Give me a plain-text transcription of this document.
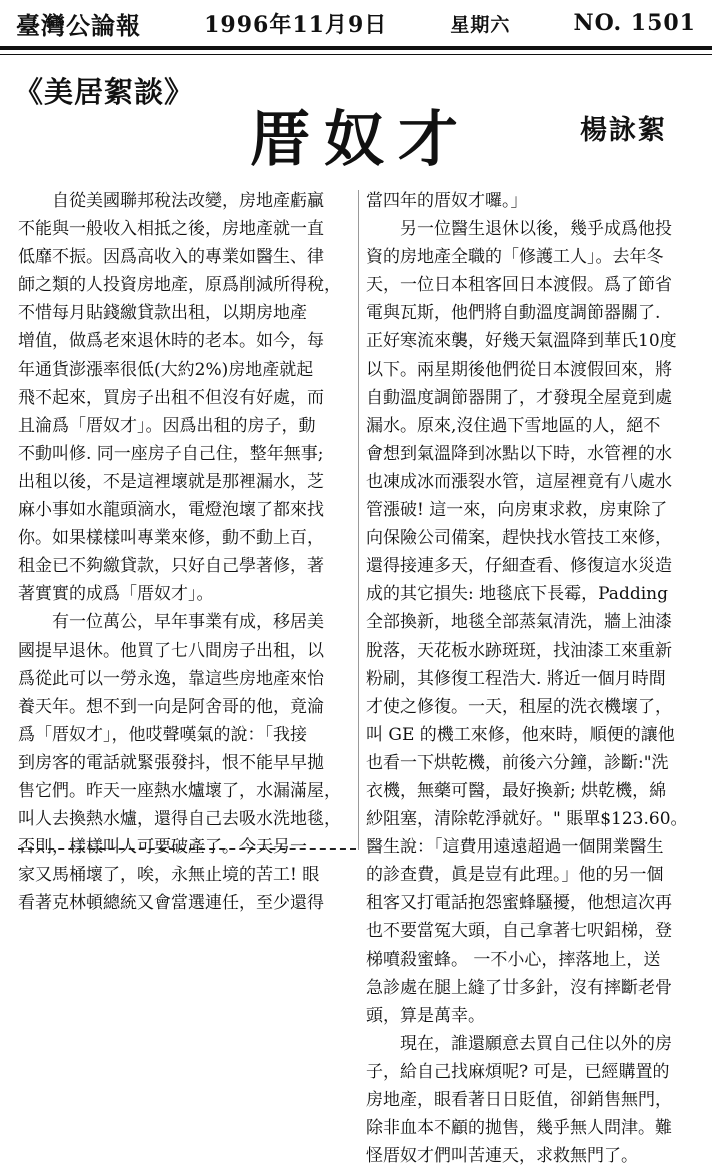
臺灣公論報	1996年11月9日	星期六	NO. 1501
《美居絮談》
厝奴才	楊詠絮
　　自從美國聯邦稅法改變，房地產虧贏
不能與一般收入相抵之後，房地產就一直
低靡不振。因爲高收入的專業如醫生、律
師之類的人投資房地產，原爲削減所得稅，
不惜每月貼錢繳貸款出租，以期房地產
增值，做爲老來退休時的老本。如今，每
年通貨澎漲率很低(大約2%)房地產就起
飛不起來，買房子出租不但沒有好處，而
且淪爲「厝奴才」。因爲出租的房子，動
不動叫修. 同一座房子自己住，整年無事;
出租以後，不是這裡壞就是那裡漏水，芝
麻小事如水龍頭滴水，電燈泡壞了都來找
你。如果樣樣叫專業來修，動不動上百，
租金已不夠繳貸款，只好自己學著修，著
著實實的成爲「厝奴才」。
　　有一位萬公，早年事業有成，移居美
國提早退休。他買了七八間房子出租，以
爲從此可以一勞永逸，靠這些房地產來怡
養天年。想不到一向是阿舍哥的他，竟淪
爲「厝奴才」，他哎聲嘆氣的說：「我接
到房客的電話就緊張發抖，恨不能早早拋
售它們。昨天一座熱水爐壞了，水漏滿屋，
叫人去換熱水爐，還得自己去吸水洗地毯，
否則，樣樣叫人可要破產了。今天另一
家又馬桶壞了，唉，永無止境的苦工! 眼
看著克林頓總統又會當選連任，至少還得
當四年的厝奴才囉。」
　　另一位醫生退休以後，幾乎成爲他投
資的房地產全職的「修護工人」。去年冬
天，一位日本租客回日本渡假。爲了節省
電與瓦斯，他們將自動溫度調節器關了.
正好寒流來襲，好幾天氣溫降到華氏10度
以下。兩星期後他們從日本渡假回來，將
自動溫度調節器開了，才發現全屋竟到處
漏水。原來,沒住過下雪地區的人，絕不
會想到氣溫降到冰點以下時，水管裡的水
也凍成冰而漲裂水管，這屋裡竟有八處水
管漲破! 這一來，向房東求救，房東除了
向保險公司備案，趕快找水管技工來修，
還得接連多天，仔細查看、修復這水災造
成的其它損失: 地毯底下長霉，Padding
全部換新，地毯全部蒸氣清洗，牆上油漆
脫落，天花板水跡斑斑，找油漆工來重新
粉刷，其修復工程浩大. 將近一個月時間
才使之修復。一天，租屋的洗衣機壞了，
叫 GE 的機工來修，他來時，順便的讓他
也看一下烘乾機，前後六分鐘，診斷:"洗
衣機，無藥可醫，最好換新; 烘乾機，綿
紗阻塞，清除乾淨就好。" 賬單$123.60。
醫生說：「這費用遠遠超過一個開業醫生
的診查費，眞是豈有此理。」他的另一個
租客又打電話抱怨蜜蜂騷擾，他想這次再
也不要當冤大頭，自己拿著七呎鋁梯，登
梯噴殺蜜蜂。 一不小心，摔落地上，送
急診處在腿上縫了廿多針，沒有摔斷老骨
頭，算是萬幸。
　　現在，誰還願意去買自己住以外的房
子，給自己找麻煩呢? 可是，已經購置的
房地產，眼看著日日貶值，卻銷售無門，
除非血本不顧的拋售，幾乎無人問津。難
怪厝奴才們叫苦連天，求救無門了。
